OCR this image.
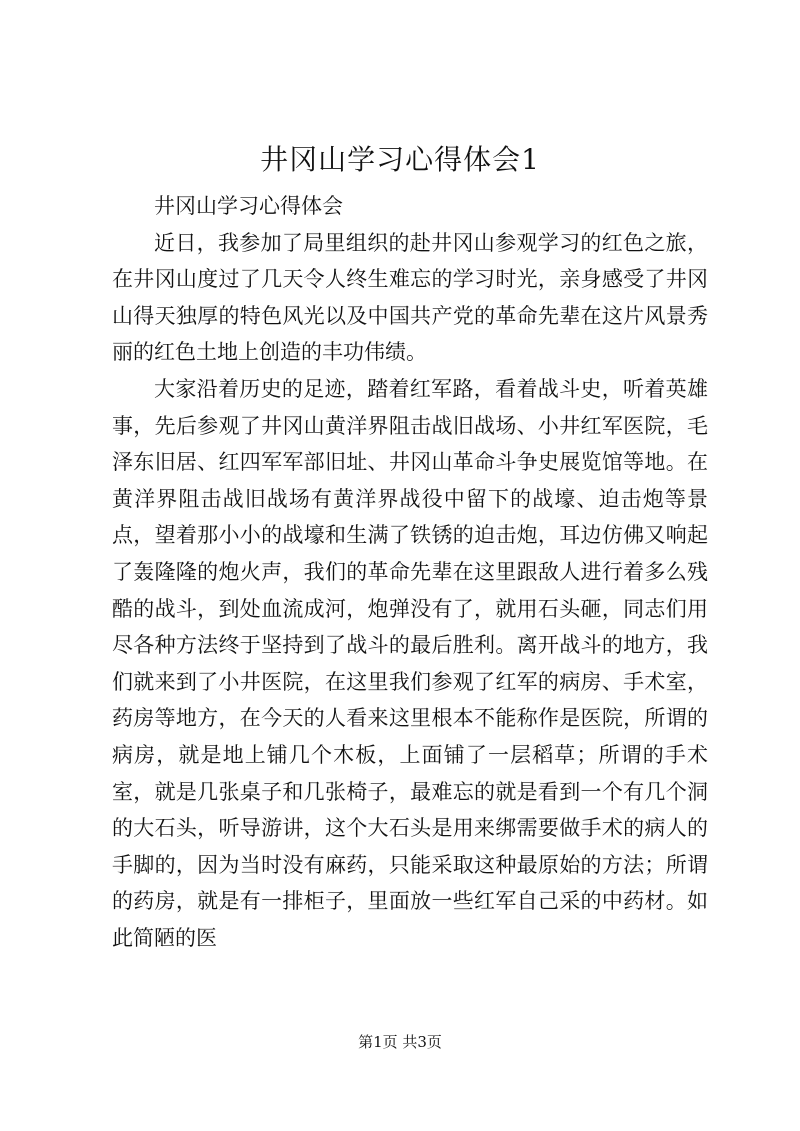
井冈山学习心得体会1

井冈山学习心得体会

近日，我参加了局里组织的赴井冈山参观学习的红色之旅，在井冈山度过了几天令人终生难忘的学习时光，亲身感受了井冈山得天独厚的特色风光以及中国共产党的革命先辈在这片风景秀丽的红色土地上创造的丰功伟绩。

大家沿着历史的足迹，踏着红军路，看着战斗史，听着英雄事，先后参观了井冈山黄洋界阻击战旧战场、小井红军医院，毛泽东旧居、红四军军部旧址、井冈山革命斗争史展览馆等地。在黄洋界阻击战旧战场有黄洋界战役中留下的战壕、迫击炮等景点，望着那小小的战壕和生满了铁锈的迫击炮，耳边仿佛又响起了轰隆隆的炮火声，我们的革命先辈在这里跟敌人进行着多么残酷的战斗，到处血流成河，炮弹没有了，就用石头砸，同志们用尽各种方法终于坚持到了战斗的最后胜利。离开战斗的地方，我们就来到了小井医院，在这里我们参观了红军的病房、手术室，药房等地方，在今天的人看来这里根本不能称作是医院，所谓的病房，就是地上铺几个木板，上面铺了一层稻草；所谓的手术室，就是几张桌子和几张椅子，最难忘的就是看到一个有几个洞的大石头，听导游讲，这个大石头是用来绑需要做手术的病人的手脚的，因为当时没有麻药，只能采取这种最原始的方法；所谓的药房，就是有一排柜子，里面放一些红军自己采的中药材。如此简陋的医

第1页 共3页
